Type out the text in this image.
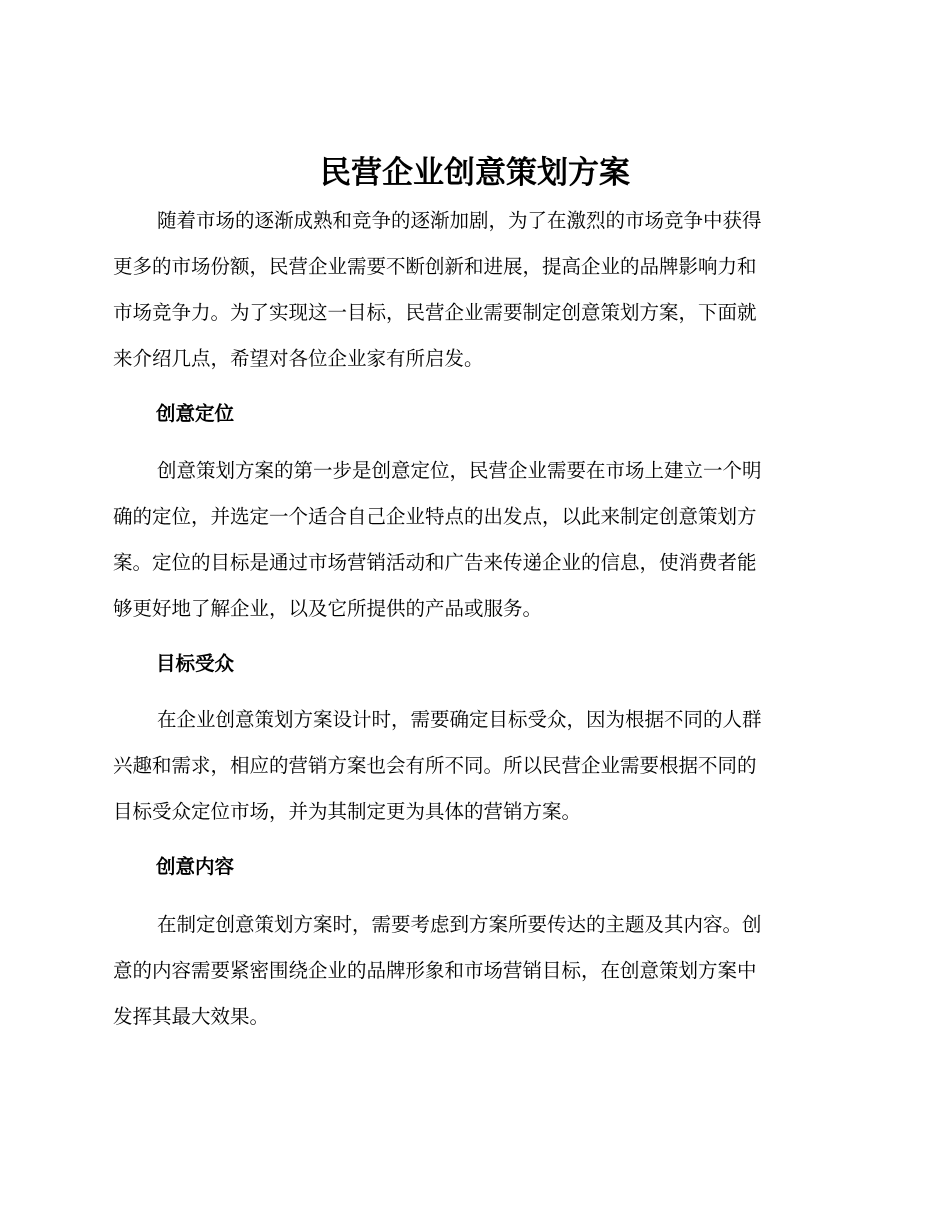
民营企业创意策划方案

随着市场的逐渐成熟和竞争的逐渐加剧，为了在激烈的市场竞争中获得
更多的市场份额，民营企业需要不断创新和进展，提高企业的品牌影响力和
市场竞争力。为了实现这一目标，民营企业需要制定创意策划方案，下面就
来介绍几点，希望对各位企业家有所启发。

创意定位

创意策划方案的第一步是创意定位，民营企业需要在市场上建立一个明
确的定位，并选定一个适合自己企业特点的出发点，以此来制定创意策划方
案。定位的目标是通过市场营销活动和广告来传递企业的信息，使消费者能
够更好地了解企业，以及它所提供的产品或服务。

目标受众

在企业创意策划方案设计时，需要确定目标受众，因为根据不同的人群
兴趣和需求，相应的营销方案也会有所不同。所以民营企业需要根据不同的
目标受众定位市场，并为其制定更为具体的营销方案。

创意内容

在制定创意策划方案时，需要考虑到方案所要传达的主题及其内容。创
意的内容需要紧密围绕企业的品牌形象和市场营销目标，在创意策划方案中
发挥其最大效果。
